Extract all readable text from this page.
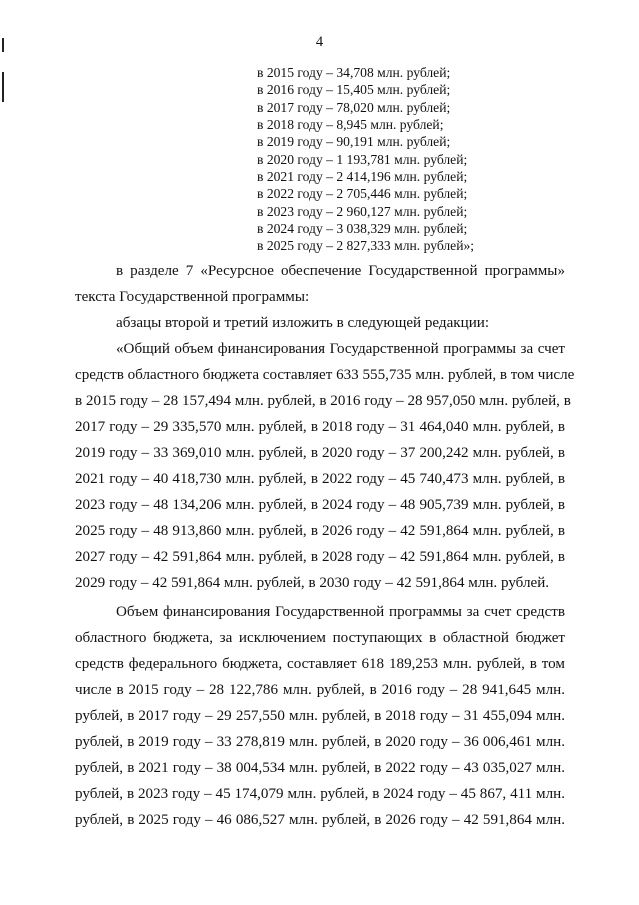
4
в 2015 году – 34,708 млн. рублей;
в 2016 году – 15,405 млн. рублей;
в 2017 году – 78,020 млн. рублей;
в 2018 году – 8,945 млн. рублей;
в 2019 году – 90,191 млн. рублей;
в 2020 году – 1 193,781 млн. рублей;
в 2021 году – 2 414,196 млн. рублей;
в 2022 году – 2 705,446 млн. рублей;
в 2023 году – 2 960,127 млн. рублей;
в 2024 году – 3 038,329 млн. рублей;
в 2025 году – 2 827,333 млн. рублей»;
в разделе 7 «Ресурсное обеспечение Государственной программы»
текста Государственной программы:
абзацы второй и третий изложить в следующей редакции:
«Общий объем финансирования Государственной программы за счет
средств областного бюджета составляет 633 555,735 млн. рублей, в том числе
в 2015 году – 28 157,494 млн. рублей, в 2016 году – 28 957,050 млн. рублей, в
2017 году – 29 335,570 млн. рублей, в 2018 году – 31 464,040 млн. рублей, в
2019 году – 33 369,010 млн. рублей, в 2020 году – 37 200,242 млн. рублей, в
2021 году – 40 418,730 млн. рублей, в 2022 году – 45 740,473 млн. рублей, в
2023 году – 48 134,206 млн. рублей, в 2024 году – 48 905,739 млн. рублей, в
2025 году – 48 913,860 млн. рублей, в 2026 году – 42 591,864 млн. рублей, в
2027 году – 42 591,864 млн. рублей, в 2028 году – 42 591,864 млн. рублей, в
2029 году – 42 591,864 млн. рублей, в 2030 году – 42 591,864 млн. рублей.
Объем финансирования Государственной программы за счет средств
областного бюджета, за исключением поступающих в областной бюджет
средств федерального бюджета, составляет 618 189,253 млн. рублей, в том
числе в 2015 году – 28 122,786 млн. рублей, в 2016 году – 28 941,645 млн.
рублей, в 2017 году – 29 257,550 млн. рублей, в 2018 году – 31 455,094 млн.
рублей, в 2019 году – 33 278,819 млн. рублей, в 2020 году – 36 006,461 млн.
рублей, в 2021 году – 38 004,534 млн. рублей, в 2022 году – 43 035,027 млн.
рублей, в 2023 году – 45 174,079 млн. рублей, в 2024 году – 45 867, 411 млн.
рублей, в 2025 году – 46 086,527 млн. рублей, в 2026 году – 42 591,864 млн.
